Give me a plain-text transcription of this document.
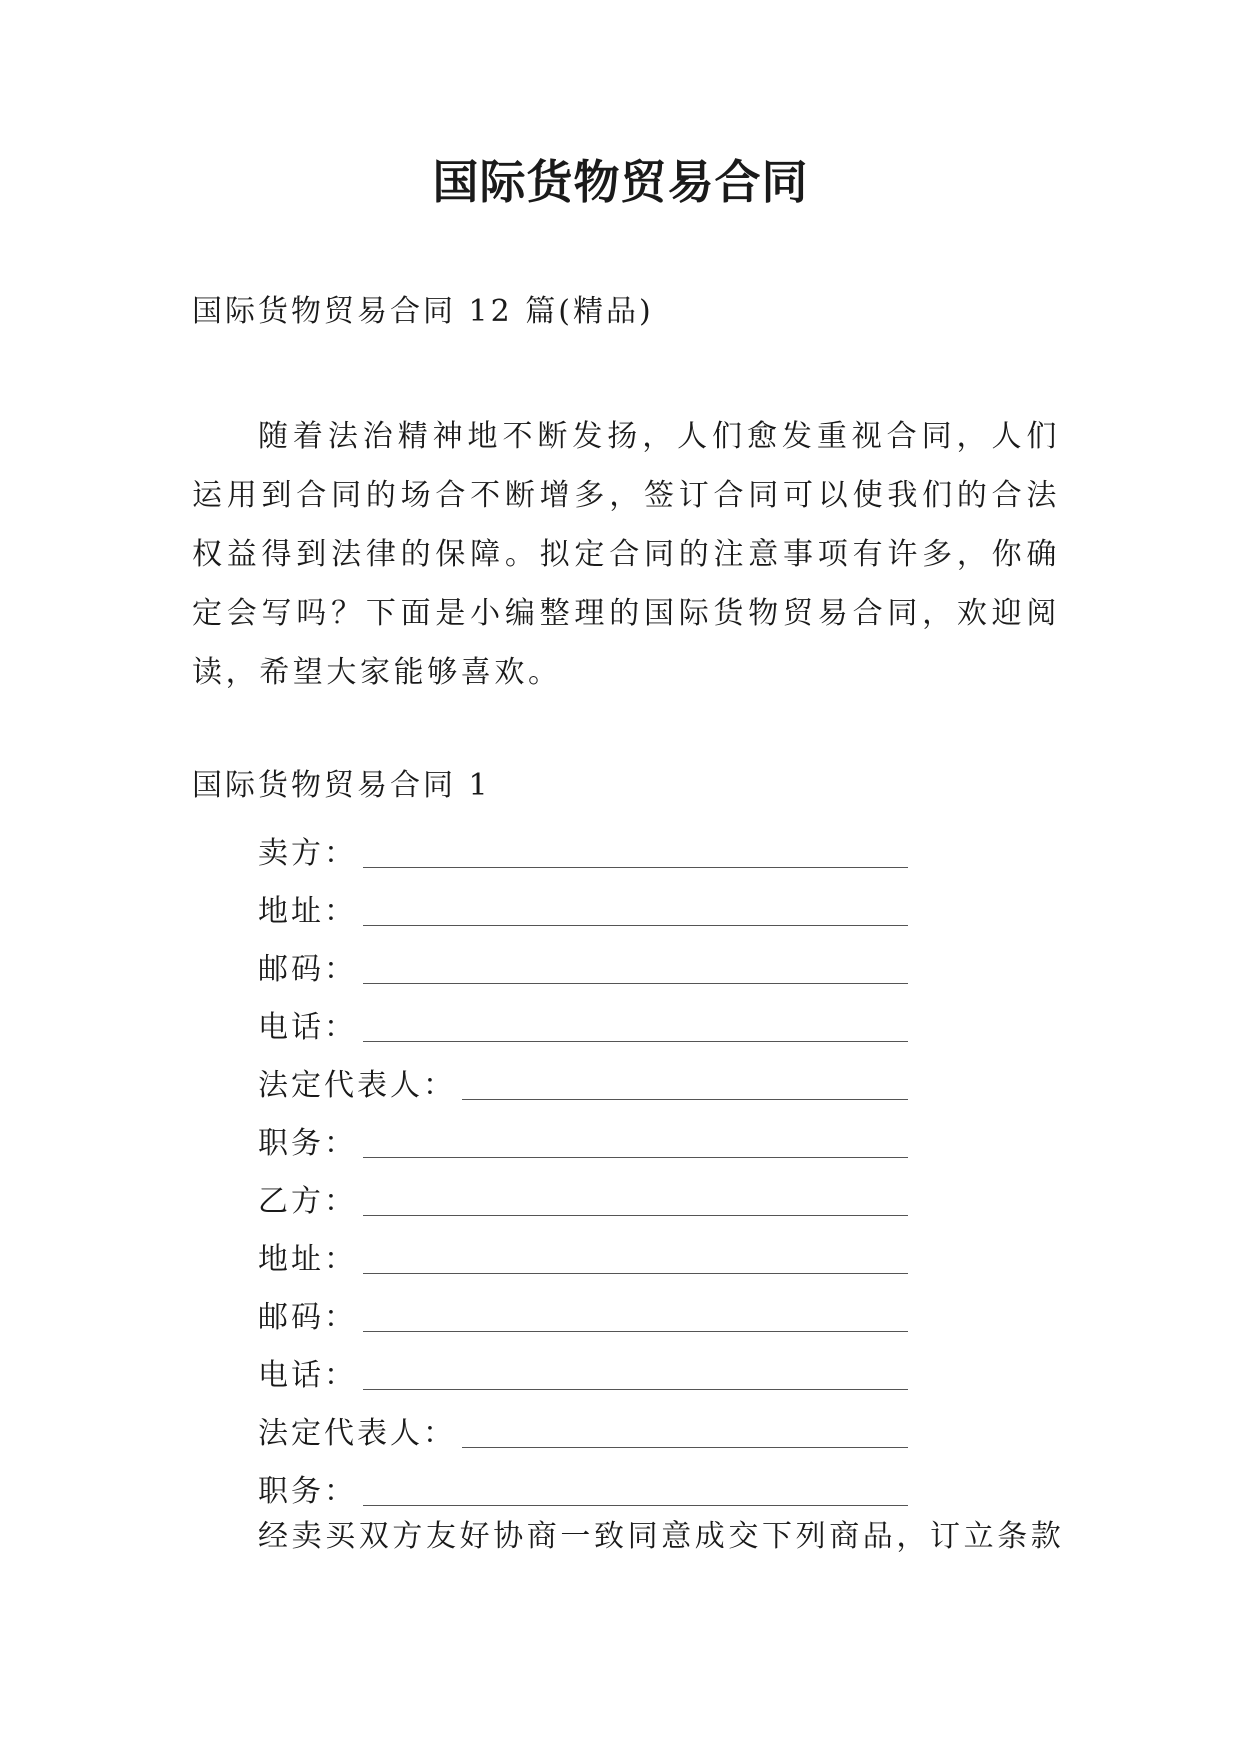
国际货物贸易合同

国际货物贸易合同 12 篇(精品)

随着法治精神地不断发扬，人们愈发重视合同，人们运用到合同的场合不断增多，签订合同可以使我们的合法权益得到法律的保障。拟定合同的注意事项有许多，你确定会写吗？下面是小编整理的国际货物贸易合同，欢迎阅读，希望大家能够喜欢。

国际货物贸易合同 1

卖方：
地址：
邮码：
电话：
法定代表人：
职务：
乙方：
地址：
邮码：
电话：
法定代表人：
职务：

经卖买双方友好协商一致同意成交下列商品，订立条款
